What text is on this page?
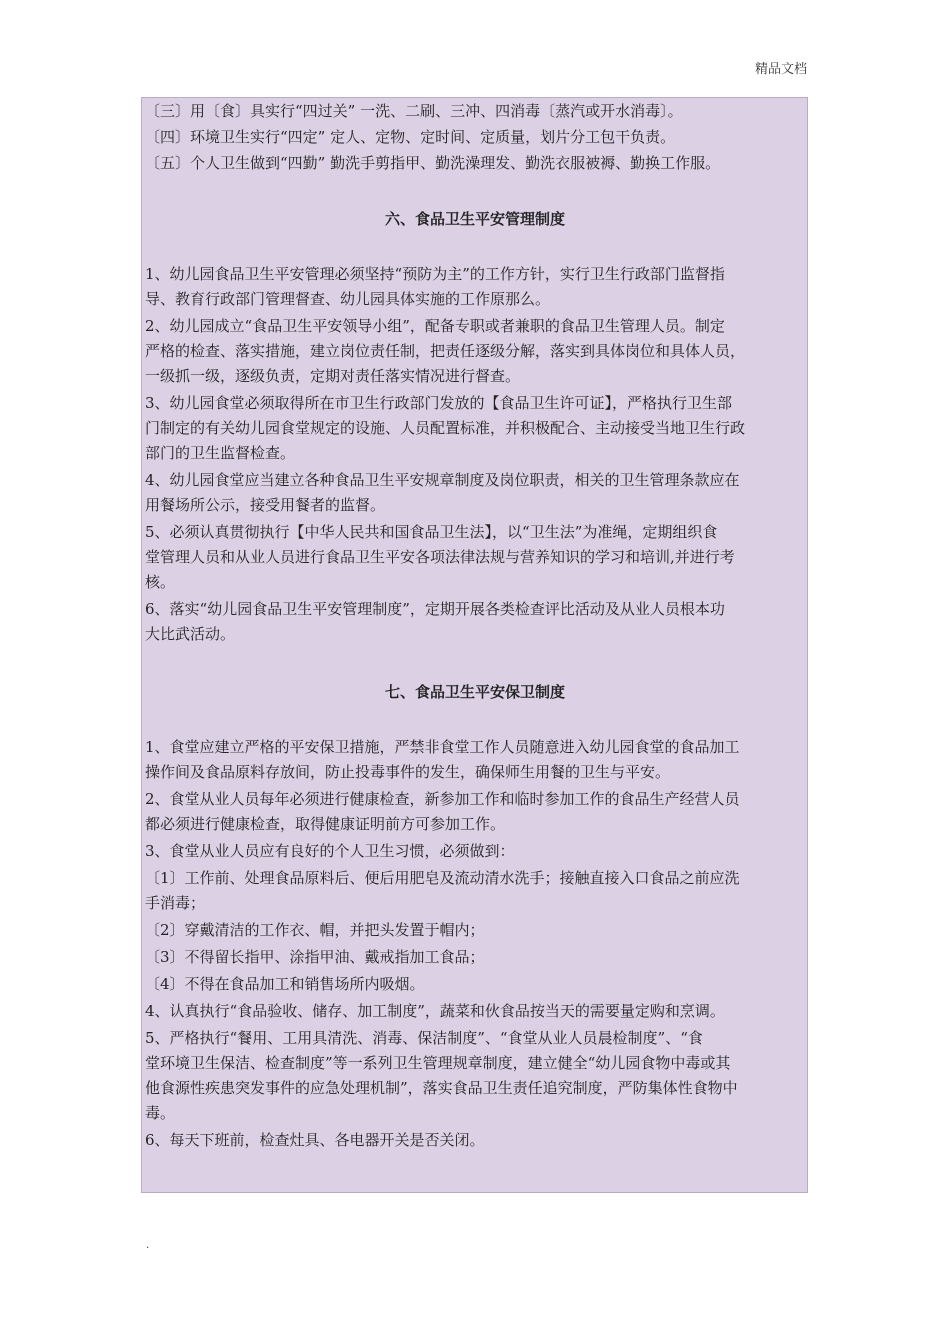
精品文档
〔三〕用〔食〕具实行“四过关” 一洗、二刷、三冲、四消毒〔蒸汽或开水消毒〕。
〔四〕环境卫生实行“四定” 定人、定物、定时间、定质量，划片分工包干负责。
〔五〕个人卫生做到“四勤” 勤洗手剪指甲、勤洗澡理发、勤洗衣服被褥、勤换工作服。
六、食品卫生平安管理制度
1、幼儿园食品卫生平安管理必须坚持“预防为主”的工作方针，实行卫生行政部门监督指
导、教育行政部门管理督查、幼儿园具体实施的工作原那么。
2、幼儿园成立“食品卫生平安领导小组”，配备专职或者兼职的食品卫生管理人员。制定
严格的检查、落实措施，建立岗位责任制，把责任逐级分解，落实到具体岗位和具体人员，
一级抓一级，逐级负责，定期对责任落实情况进行督查。
3、幼儿园食堂必须取得所在市卫生行政部门发放的【食品卫生许可证】，严格执行卫生部
门制定的有关幼儿园食堂规定的设施、人员配置标准，并积极配合、主动接受当地卫生行政
部门的卫生监督检查。
4、幼儿园食堂应当建立各种食品卫生平安规章制度及岗位职责，相关的卫生管理条款应在
用餐场所公示，接受用餐者的监督。
5、必须认真贯彻执行【中华人民共和国食品卫生法】，以“卫生法”为准绳，定期组织食
堂管理人员和从业人员进行食品卫生平安各项法律法规与营养知识的学习和培训,并进行考
核。
6、落实“幼儿园食品卫生平安管理制度”，定期开展各类检查评比活动及从业人员根本功
大比武活动。
七、食品卫生平安保卫制度
1、食堂应建立严格的平安保卫措施，严禁非食堂工作人员随意进入幼儿园食堂的食品加工
操作间及食品原料存放间，防止投毒事件的发生，确保师生用餐的卫生与平安。
2、食堂从业人员每年必须进行健康检查，新参加工作和临时参加工作的食品生产经营人员
都必须进行健康检查，取得健康证明前方可参加工作。
3、食堂从业人员应有良好的个人卫生习惯，必须做到：
〔1〕工作前、处理食品原料后、便后用肥皂及流动清水洗手；接触直接入口食品之前应洗
手消毒；
〔2〕穿戴清洁的工作衣、帽，并把头发置于帽内；
〔3〕不得留长指甲、涂指甲油、戴戒指加工食品；
〔4〕不得在食品加工和销售场所内吸烟。
4、认真执行“食品验收、储存、加工制度”，蔬菜和伙食品按当天的需要量定购和烹调。
5、严格执行“餐用、工用具清洗、消毒、保洁制度”、“食堂从业人员晨检制度”、“食
堂环境卫生保洁、检查制度”等一系列卫生管理规章制度，建立健全“幼儿园食物中毒或其
他食源性疾患突发事件的应急处理机制”，落实食品卫生责任追究制度，严防集体性食物中
毒。
6、每天下班前，检查灶具、各电器开关是否关闭。
.
